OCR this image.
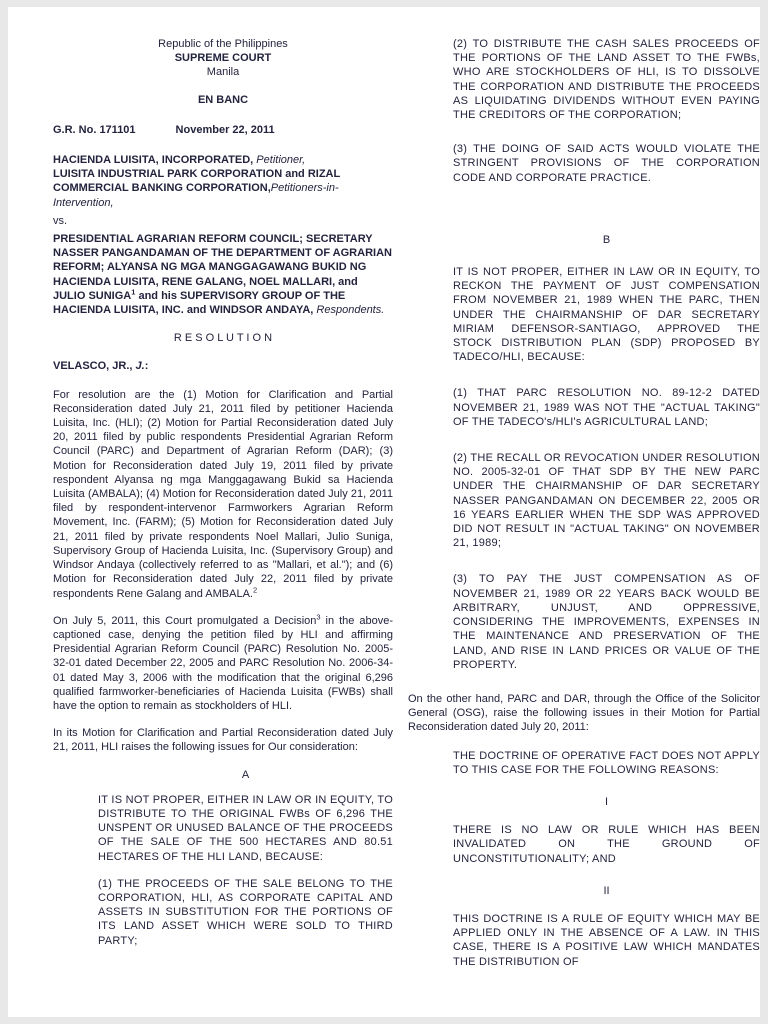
Republic of the Philippines
SUPREME COURT
Manila
EN BANC
G.R. No. 171101	November 22, 2011
HACIENDA LUISITA, INCORPORATED, Petitioner,
LUISITA INDUSTRIAL PARK CORPORATION and RIZAL COMMERCIAL BANKING CORPORATION,Petitioners-in-Intervention,
vs.
PRESIDENTIAL AGRARIAN REFORM COUNCIL; SECRETARY NASSER PANGANDAMAN OF THE DEPARTMENT OF AGRARIAN REFORM; ALYANSA NG MGA MANGGAGAWANG BUKID NG HACIENDA LUISITA, RENE GALANG, NOEL MALLARI, and JULIO SUNIGA$^1$ and his SUPERVISORY GROUP OF THE HACIENDA LUISITA, INC. and WINDSOR ANDAYA, Respondents.
R E S O L U T I O N
VELASCO, JR., J.:
For resolution are the (1) Motion for Clarification and Partial Reconsideration dated July 21, 2011 filed by petitioner Hacienda Luisita, Inc. (HLI); (2) Motion for Partial Reconsideration dated July 20, 2011 filed by public respondents Presidential Agrarian Reform Council (PARC) and Department of Agrarian Reform (DAR); (3) Motion for Reconsideration dated July 19, 2011 filed by private respondent Alyansa ng mga Manggagawang Bukid sa Hacienda Luisita (AMBALA); (4) Motion for Reconsideration dated July 21, 2011 filed by respondent-intervenor Farmworkers Agrarian Reform Movement, Inc. (FARM); (5) Motion for Reconsideration dated July 21, 2011 filed by private respondents Noel Mallari, Julio Suniga, Supervisory Group of Hacienda Luisita, Inc. (Supervisory Group) and Windsor Andaya (collectively referred to as "Mallari, et al."); and (6) Motion for Reconsideration dated July 22, 2011 filed by private respondents Rene Galang and AMBALA.$^2$
On July 5, 2011, this Court promulgated a Decision$^3$ in the above-captioned case, denying the petition filed by HLI and affirming Presidential Agrarian Reform Council (PARC) Resolution No. 2005-32-01 dated December 22, 2005 and PARC Resolution No. 2006-34-01 dated May 3, 2006 with the modification that the original 6,296 qualified farmworker-beneficiaries of Hacienda Luisita (FWBs) shall have the option to remain as stockholders of HLI.
In its Motion for Clarification and Partial Reconsideration dated July 21, 2011, HLI raises the following issues for Our consideration:
A
IT IS NOT PROPER, EITHER IN LAW OR IN EQUITY, TO DISTRIBUTE TO THE ORIGINAL FWBs OF 6,296 THE UNSPENT OR UNUSED BALANCE OF THE PROCEEDS OF THE SALE OF THE 500 HECTARES AND 80.51 HECTARES OF THE HLI LAND, BECAUSE:
(1) THE PROCEEDS OF THE SALE BELONG TO THE CORPORATION, HLI, AS CORPORATE CAPITAL AND ASSETS IN SUBSTITUTION FOR THE PORTIONS OF ITS LAND ASSET WHICH WERE SOLD TO THIRD PARTY;
(2) TO DISTRIBUTE THE CASH SALES PROCEEDS OF THE PORTIONS OF THE LAND ASSET TO THE FWBs, WHO ARE STOCKHOLDERS OF HLI, IS TO DISSOLVE THE CORPORATION AND DISTRIBUTE THE PROCEEDS AS LIQUIDATING DIVIDENDS WITHOUT EVEN PAYING THE CREDITORS OF THE CORPORATION;
(3) THE DOING OF SAID ACTS WOULD VIOLATE THE STRINGENT PROVISIONS OF THE CORPORATION CODE AND CORPORATE PRACTICE.
B
IT IS NOT PROPER, EITHER IN LAW OR IN EQUITY, TO RECKON THE PAYMENT OF JUST COMPENSATION FROM NOVEMBER 21, 1989 WHEN THE PARC, THEN UNDER THE CHAIRMANSHIP OF DAR SECRETARY MIRIAM DEFENSOR-SANTIAGO, APPROVED THE STOCK DISTRIBUTION PLAN (SDP) PROPOSED BY TADECO/HLI, BECAUSE:
(1) THAT PARC RESOLUTION NO. 89-12-2 DATED NOVEMBER 21, 1989 WAS NOT THE "ACTUAL TAKING" OF THE TADECO's/HLI's AGRICULTURAL LAND;
(2) THE RECALL OR REVOCATION UNDER RESOLUTION NO. 2005-32-01 OF THAT SDP BY THE NEW PARC UNDER THE CHAIRMANSHIP OF DAR SECRETARY NASSER PANGANDAMAN ON DECEMBER 22, 2005 OR 16 YEARS EARLIER WHEN THE SDP WAS APPROVED DID NOT RESULT IN "ACTUAL TAKING" ON NOVEMBER 21, 1989;
(3) TO PAY THE JUST COMPENSATION AS OF NOVEMBER 21, 1989 OR 22 YEARS BACK WOULD BE ARBITRARY, UNJUST, AND OPPRESSIVE, CONSIDERING THE IMPROVEMENTS, EXPENSES IN THE MAINTENANCE AND PRESERVATION OF THE LAND, AND RISE IN LAND PRICES OR VALUE OF THE PROPERTY.
On the other hand, PARC and DAR, through the Office of the Solicitor General (OSG), raise the following issues in their Motion for Partial Reconsideration dated July 20, 2011:
THE DOCTRINE OF OPERATIVE FACT DOES NOT APPLY TO THIS CASE FOR THE FOLLOWING REASONS:
I
THERE IS NO LAW OR RULE WHICH HAS BEEN INVALIDATED ON THE GROUND OF UNCONSTITUTIONALITY; AND
II
THIS DOCTRINE IS A RULE OF EQUITY WHICH MAY BE APPLIED ONLY IN THE ABSENCE OF A LAW. IN THIS CASE, THERE IS A POSITIVE LAW WHICH MANDATES THE DISTRIBUTION OF
